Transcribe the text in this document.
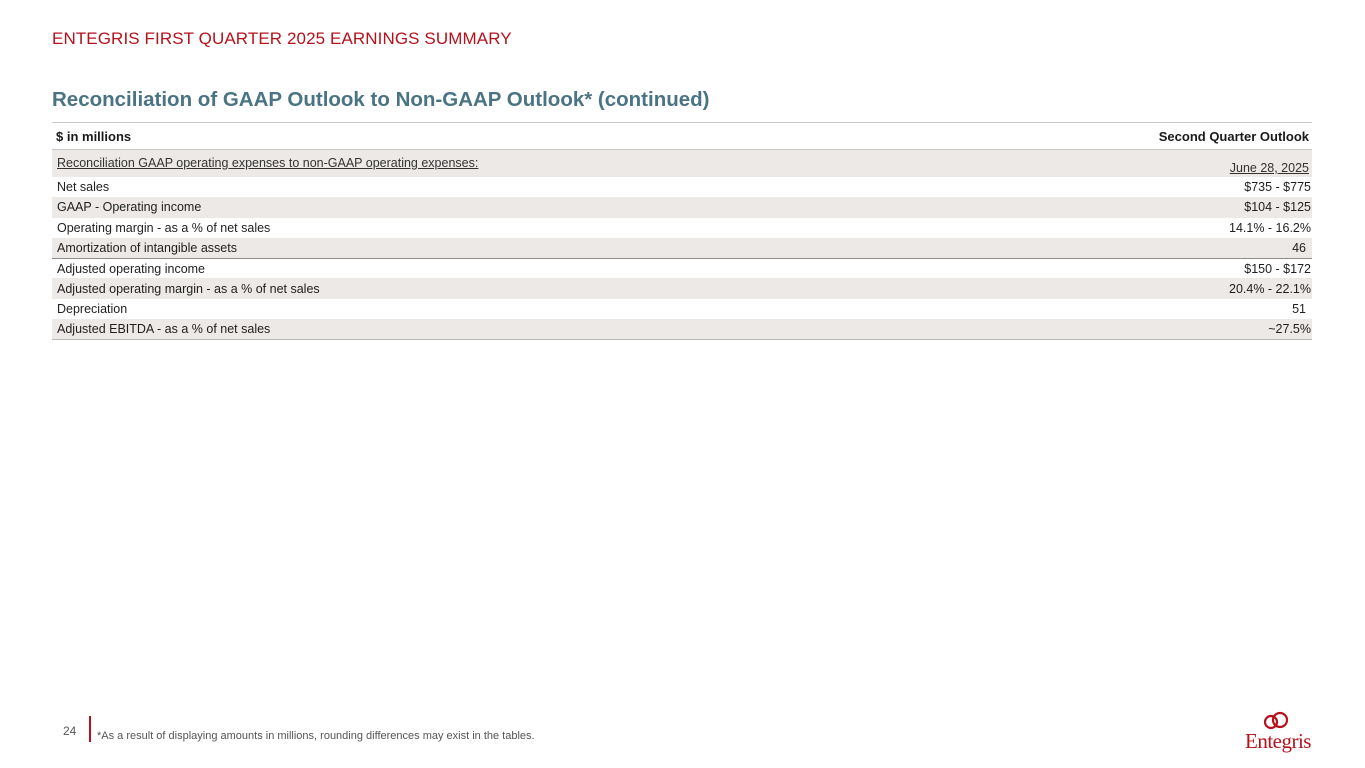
ENTEGRIS FIRST QUARTER 2025 EARNINGS SUMMARY
Reconciliation of GAAP Outlook to Non-GAAP Outlook* (continued)
$ in millions	Second Quarter Outlook
Reconciliation GAAP operating expenses to non-GAAP operating expenses:	June 28, 2025
Net sales	$735 - $775
GAAP - Operating income	$104 - $125
Operating margin - as a % of net sales	14.1% - 16.2%
Amortization of intangible assets	46
Adjusted operating income	$150 - $172
Adjusted operating margin - as a % of net sales	20.4% - 22.1%
Depreciation	51
Adjusted EBITDA - as a % of net sales	~27.5%
24 *As a result of displaying amounts in millions, rounding differences may exist in the tables.	Entegris
